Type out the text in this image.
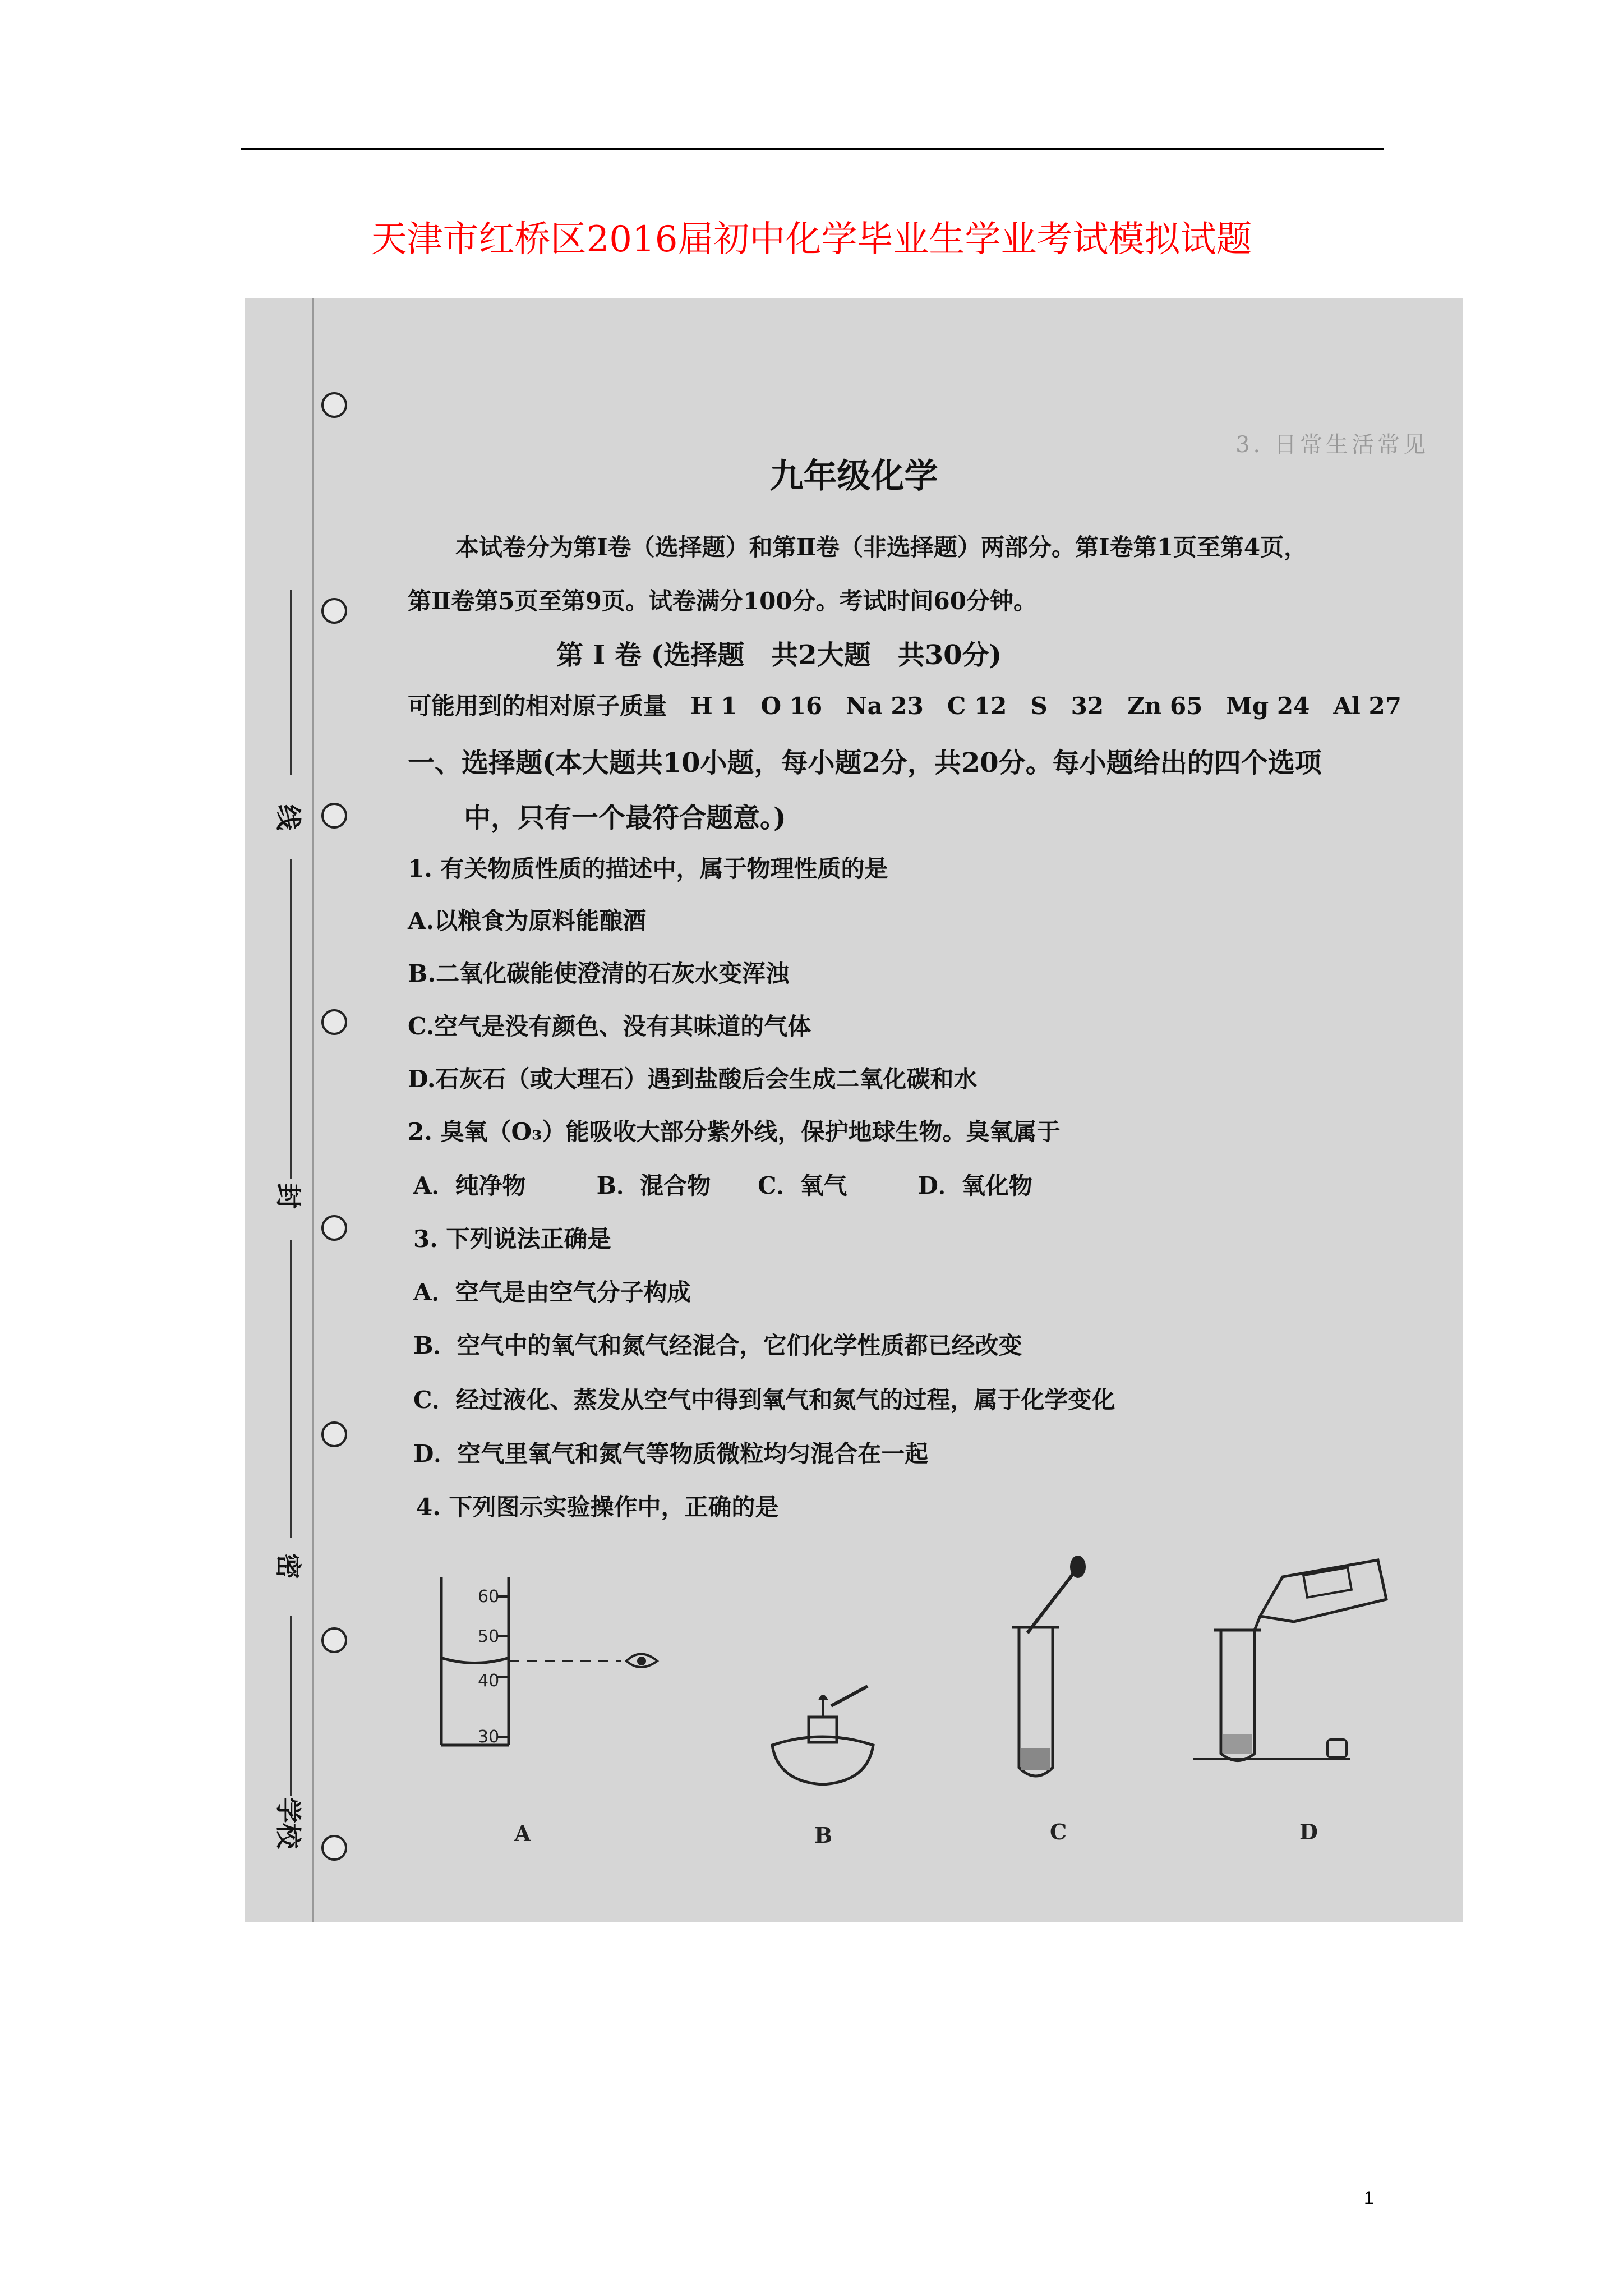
天津市红桥区2016届初中化学毕业生学业考试模拟试题
线
封
密
学校
3. 日常生活常见
九年级化学
本试卷分为第Ⅰ卷（选择题）和第Ⅱ卷（非选择题）两部分。第Ⅰ卷第1页至第4页，
第Ⅱ卷第5页至第9页。试卷满分100分。考试时间60分钟。
第 Ⅰ 卷 (选择题　共2大题　共30分)
可能用到的相对原子质量　H 1　O 16　Na 23　C 12　S　32　Zn 65　Mg 24　Al 27
一、选择题(本大题共10小题，每小题2分，共20分。每小题给出的四个选项
中，只有一个最符合题意。)
1. 有关物质性质的描述中，属于物理性质的是
A.以粮食为原料能酿酒
B.二氧化碳能使澄清的石灰水变浑浊
C.空气是没有颜色、没有其味道的气体
D.石灰石（或大理石）遇到盐酸后会生成二氧化碳和水
2. 臭氧（O₃）能吸收大部分紫外线，保护地球生物。臭氧属于
A．纯净物　　　B．混合物　　C．氧气　　　D．氧化物
3. 下列说法正确是
A．空气是由空气分子构成
B．空气中的氧气和氮气经混合，它们化学性质都已经改变
C．经过液化、蒸发从空气中得到氧气和氮气的过程，属于化学变化
D．空气里氧气和氮气等物质微粒均匀混合在一起
4. 下列图示实验操作中，正确的是
60
50
40
30
A	B	C	D
1
